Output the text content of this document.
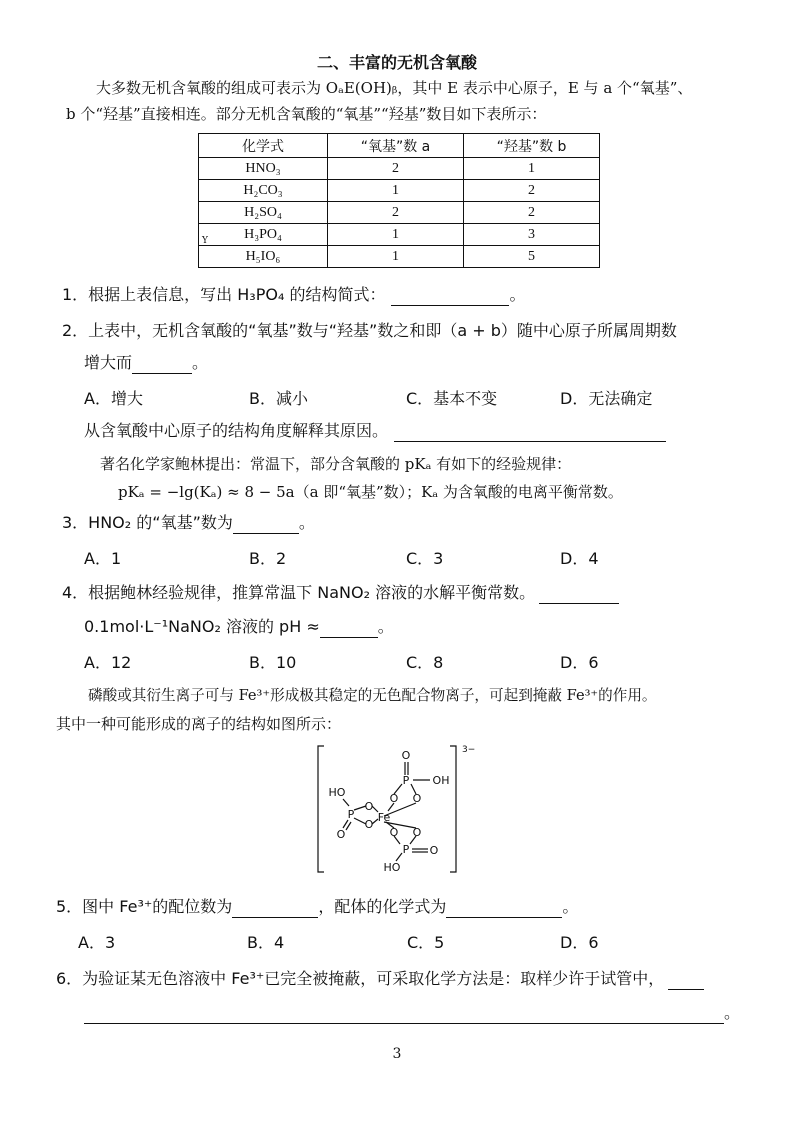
二、丰富的无机含氧酸
大多数无机含氧酸的组成可表示为 OₐE(OH)ᵦ，其中 E 表示中心原子，E 与 a 个“氧基”、
b 个“羟基”直接相连。部分无机含氧酸的“氧基”“羟基”数目如下表所示：
化学式	“氧基”数 a	“羟基”数 b
HNO₃	2	1
H₂CO₃	1	2
H₂SO₄	2	2
H₃PO₄	1	3
H₅IO₆	1	5
Y
1．根据上表信息，写出 H₃PO₄ 的结构简式：	。
2．上表中，无机含氧酸的“氧基”数与“羟基”数之和即（a + b）随中心原子所属周期数
增大而	。
A．增大	B．减小	C．基本不变	D．无法确定
从含氧酸中心原子的结构角度解释其原因。
著名化学家鲍林提出：常温下，部分含氧酸的 pKₐ 有如下的经验规律：
pKₐ = −lg(Kₐ) ≈ 8 − 5a（a 即“氧基”数）；Kₐ 为含氧酸的电离平衡常数。
3．HNO₂ 的“氧基”数为	。
A．1	B．2	C．3	D．4
4．根据鲍林经验规律，推算常温下 NaNO₂ 溶液的水解平衡常数。
0.1mol·L⁻¹NaNO₂ 溶液的 pH ≈	。
A．12	B．10	C．8	D．6
磷酸或其衍生离子可与 Fe³⁺形成极其稳定的无色配合物离子，可起到掩蔽 Fe³⁺的作用。
其中一种可能形成的离子的结构如图所示：
O
P OH
O O
HO
P
O
O
O
Fe
O O
P O
HO
3−
5．图中 Fe³⁺的配位数为	，配体的化学式为	。
A．3	B．4	C．5	D．6
6．为验证某无色溶液中 Fe³⁺已完全被掩蔽，可采取化学方法是：取样少许于试管中，
。
3
